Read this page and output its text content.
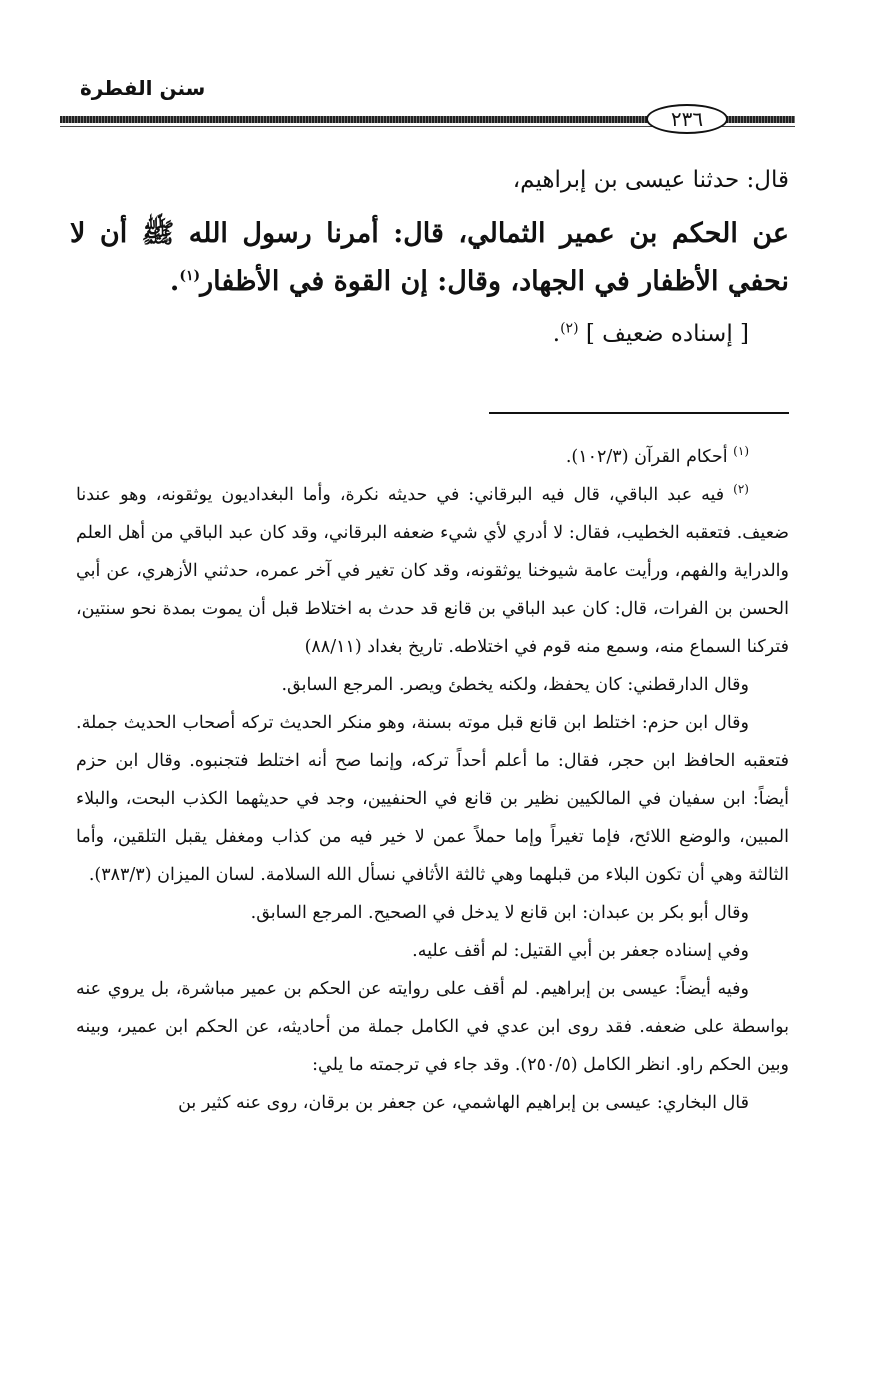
سنن الفطرة
٢٣٦

قال: حدثنا عيسى بن إبراهيم،

عن الحكم بن عمير الثمالي، قال: أمرنا رسول الله ﷺ أن لا نحفي الأظفار في الجهاد، وقال: إن القوة في الأظفار$^{(١)}$.

[ إسناده ضعيف ] $^{(٢)}$.

$^{(١)}$ أحكام القرآن (١٠٢/٣).

$^{(٢)}$ فيه عبد الباقي، قال فيه البرقاني: في حديثه نكرة، وأما البغداديون يوثقونه، وهو عندنا ضعيف. فتعقبه الخطيب، فقال: لا أدري لأي شيء ضعفه البرقاني، وقد كان عبد الباقي من أهل العلم والدراية والفهم، ورأيت عامة شيوخنا يوثقونه، وقد كان تغير في آخر عمره، حدثني الأزهري، عن أبي الحسن بن الفرات، قال: كان عبد الباقي بن قانع قد حدث به اختلاط قبل أن يموت بمدة نحو سنتين، فتركنا السماع منه، وسمع منه قوم في اختلاطه. تاريخ بغداد (٨٨/١١)

وقال الدارقطني: كان يحفظ، ولكنه يخطئ ويصر. المرجع السابق.

وقال ابن حزم: اختلط ابن قانع قبل موته بسنة، وهو منكر الحديث تركه أصحاب الحديث جملة. فتعقبه الحافظ ابن حجر، فقال: ما أعلم أحداً تركه، وإنما صح أنه اختلط فتجنبوه. وقال ابن حزم أيضاً: ابن سفيان في المالكيين نظير بن قانع في الحنفيين، وجد في حديثهما الكذب البحت، والبلاء المبين، والوضع اللائح، فإما تغيراً وإما حملاً عمن لا خير فيه من كذاب ومغفل يقبل التلقين، وأما الثالثة وهي أن تكون البلاء من قبلهما وهي ثالثة الأثافي نسأل الله السلامة. لسان الميزان (٣٨٣/٣).

وقال أبو بكر بن عبدان: ابن قانع لا يدخل في الصحيح. المرجع السابق.

وفي إسناده جعفر بن أبي القتيل: لم أقف عليه.

وفيه أيضاً: عيسى بن إبراهيم. لم أقف على روايته عن الحكم بن عمير مباشرة، بل يروي عنه بواسطة على ضعفه. فقد روى ابن عدي في الكامل جملة من أحاديثه، عن الحكم ابن عمير، وبينه وبين الحكم راو. انظر الكامل (٢٥٠/٥). وقد جاء في ترجمته ما يلي:

قال البخاري: عيسى بن إبراهيم الهاشمي، عن جعفر بن برقان، روى عنه كثير بن
